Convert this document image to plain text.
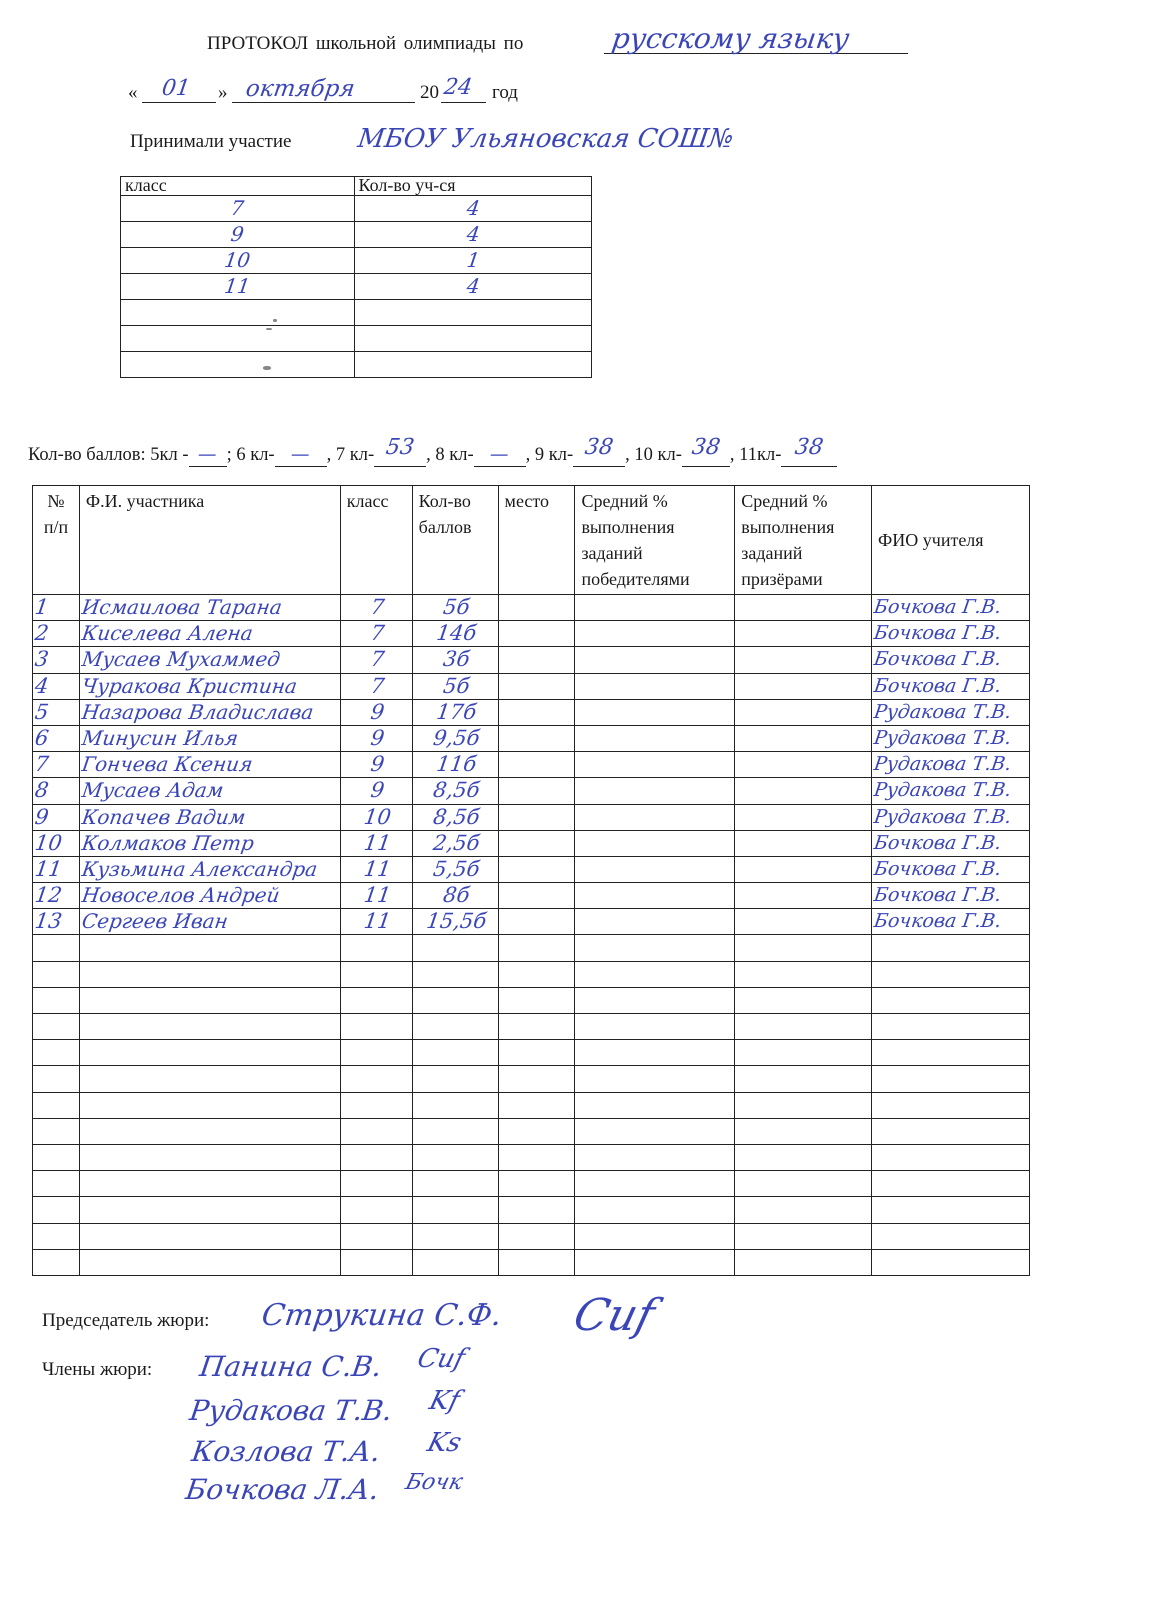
ПРОТОКОЛ школьной олимпиады по	русскому языку
« 01 » октября	20 24 год
Принимали участие МБОУ Ульяновская СОШ№
класс	Кол-во уч-ся

7	4

9	4

10	1

11	4

Кол-во баллов: 5кл - — ; 6 кл- — , 7 кл- 53 , 8 кл- — , 9 кл- 38 , 10 кл- 38 , 11кл- 38
№ п/п	Ф.И. участника	класс	Кол-во баллов	место	Средний % выполнения заданий победителями	Средний % выполнения заданий призёрами	ФИО учителя

1	Исмаилова Тарана	7	5б				Бочкова Г.В.

2	Киселева Алена	7	14б				Бочкова Г.В.

3	Мусаев Мухаммед	7	3б				Бочкова Г.В.

4	Чуракова Кристина	7	5б				Бочкова Г.В.

5	Назарова Владислава	9	17б				Рудакова Т.В.

6	Минусин Илья	9	9,5б				Рудакова Т.В.

7	Гончева Ксения	9	11б				Рудакова Т.В.

8	Мусаев Адам	9	8,5б				Рудакова Т.В.

9	Копачев Вадим	10	8,5б				Рудакова Т.В.

10	Колмаков Петр	11	2,5б				Бочкова Г.В.

11	Кузьмина Александра	11	5,5б				Бочкова Г.В.

12	Новоселов Андрей	11	8б				Бочкова Г.В.

13	Сергеев Иван	11	15,5б				Бочкова Г.В.

Председатель жюри: Струкина С.Ф. Cuf
Члены жюри: Панина С.В. Cuf
Рудакова Т.В. Kf
Козлова Т.А. Ks
Бочкова Л.А. Бочк
